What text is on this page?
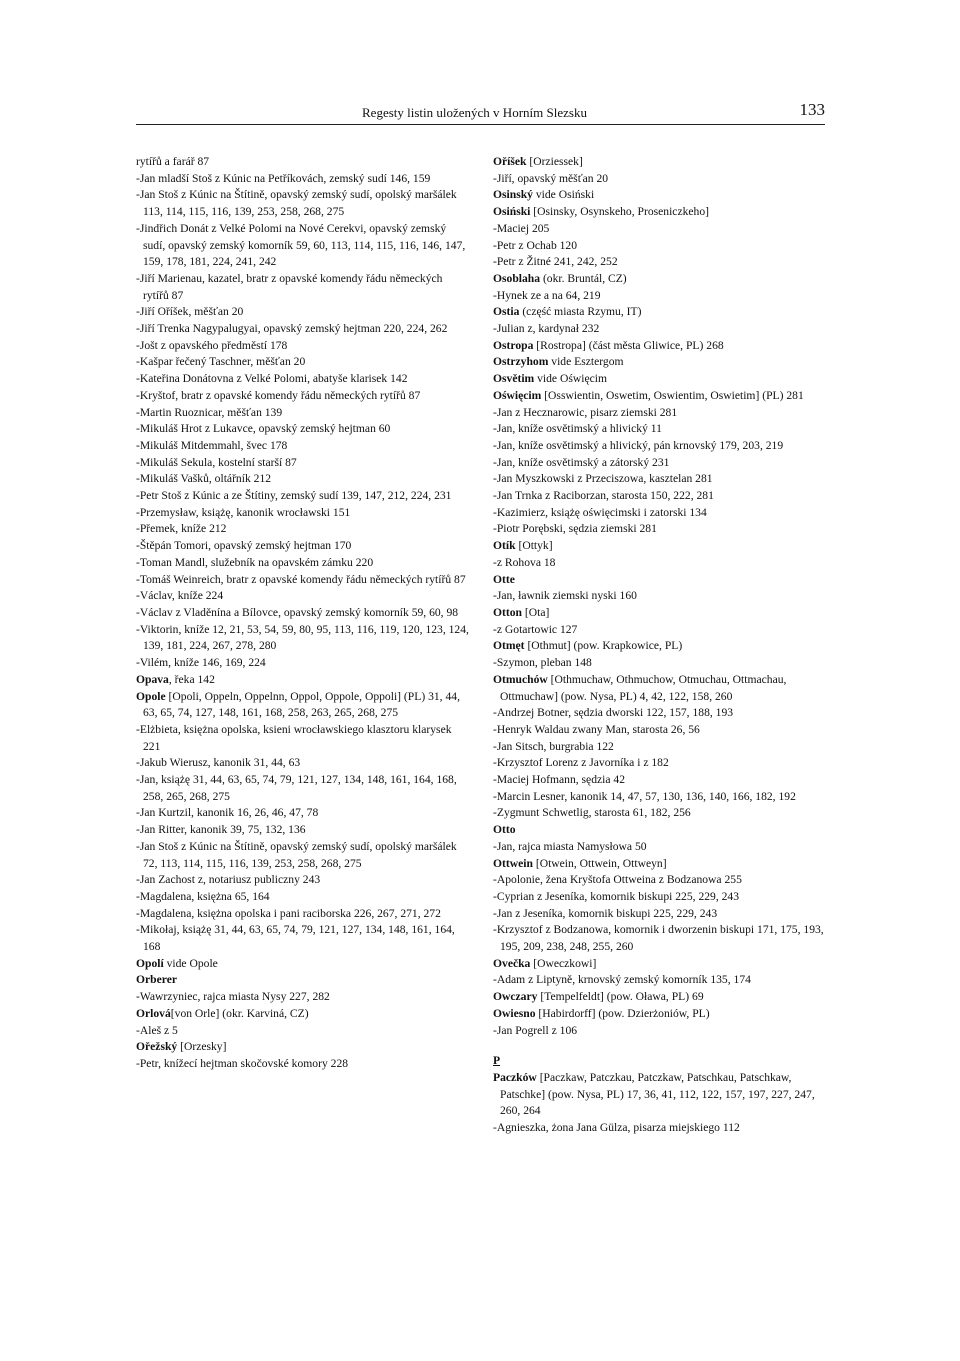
Regesty listin uložených v Horním Slezsku	133
rytířů a farář 87
-Jan mladší Stoš z Kúnic na Petříkovách, zemský sudí 146, 159
-Jan Stoš z Kúnic na Štítině, opavský zemský sudí, opolský maršálek 113, 114, 115, 116, 139, 253, 258, 268, 275
-Jindřich Donát z Velké Polomi na Nové Cerekvi, opavský zemský sudí, opavský zemský komorník 59, 60, 113, 114, 115, 116, 146, 147, 159, 178, 181, 224, 241, 242
-Jiří Marienau, kazatel, bratr z opavské komendy řádu německých rytířů 87
-Jiří Oříšek, měšťan 20
-Jiří Trenka Nagypalugyai, opavský zemský hejtman 220, 224, 262
-Jošt z opavského předměstí 178
-Kašpar řečený Taschner, měšťan 20
-Kateřina Donátovna z Velké Polomi, abatyše klarisek 142
-Kryštof, bratr z opavské komendy řádu německých rytířů 87
-Martin Ruoznicar, měšťan 139
-Mikuláš Hrot z Lukavce, opavský zemský hejtman 60
-Mikuláš Mitdemmahl, švec 178
-Mikuláš Sekula, kostelní starší 87
-Mikuláš Vašků, oltářník 212
-Petr Stoš z Kúnic a ze Štítiny, zemský sudí 139, 147, 212, 224, 231
-Przemysław, książę, kanonik wrocławski 151
-Přemek, kníže 212
-Štěpán Tomori, opavský zemský hejtman 170
-Toman Mandl, služebník na opavském zámku 220
-Tomáš Weinreich, bratr z opavské komendy řádu německých rytířů 87
-Václav, kníže 224
-Václav z Vladěnína a Bílovce, opavský zemský komorník 59, 60, 98
-Viktorin, kníže 12, 21, 53, 54, 59, 80, 95, 113, 116, 119, 120, 123, 124, 139, 181, 224, 267, 278, 280
-Vilém, kníže 146, 169, 224
Opava, řeka 142
Opole [Opoli, Oppeln, Oppelnn, Oppol, Oppole, Oppoli] (PL) 31, 44, 63, 65, 74, 127, 148, 161, 168, 258, 263, 265, 268, 275
-Elżbieta, księżna opolska, ksieni wrocławskiego klasztoru klarysek 221
-Jakub Wierusz, kanonik 31, 44, 63
-Jan, książę 31, 44, 63, 65, 74, 79, 121, 127, 134, 148, 161, 164, 168, 258, 265, 268, 275
-Jan Kurtzil, kanonik 16, 26, 46, 47, 78
-Jan Ritter, kanonik 39, 75, 132, 136
-Jan Stoš z Kúnic na Štítině, opavský zemský sudí, opolský maršálek 72, 113, 114, 115, 116, 139, 253, 258, 268, 275
-Jan Zachost z, notariusz publiczny 243
-Magdalena, księżna 65, 164
-Magdalena, księżna opolska i pani raciborska 226, 267, 271, 272
-Mikołaj, książę 31, 44, 63, 65, 74, 79, 121, 127, 134, 148, 161, 164, 168
Opolí vide Opole
Orberer
-Wawrzyniec, rajca miasta Nysy 227, 282
Orlová[von Orle] (okr. Karviná, CZ)
-Aleš z 5
Ořežský [Orzesky]
-Petr, knížecí hejtman skočovské komory 228
Oříšek [Orziessek]
-Jiří, opavský měšťan 20
Osinský vide Osiński
Osiński [Osinsky, Osynskeho, Proseniczkeho]
-Maciej 205
-Petr z Ochab 120
-Petr z Žitné 241, 242, 252
Osoblaha (okr. Bruntál, CZ)
-Hynek ze a na 64, 219
Ostia (część miasta Rzymu, IT)
-Julian z, kardynał 232
Ostropa [Rostropa] (část města Gliwice, PL) 268
Ostrzyhom vide Esztergom
Osvětim vide Oświęcim
Oświęcim [Osswientin, Oswetim, Oswientim, Oswietim] (PL) 281
-Jan z Hecznarowic, pisarz ziemski 281
-Jan, kníže osvětimský a hlivický 11
-Jan, kníže osvětimský a hlivický, pán krnovský 179, 203, 219
-Jan, kníže osvětimský a zátorský 231
-Jan Myszkowski z Przeciszowa, kasztelan 281
-Jan Trnka z Raciborzan, starosta 150, 222, 281
-Kazimierz, książę oświęcimski i zatorski 134
-Piotr Porębski, sędzia ziemski 281
Otík [Ottyk]
-z Rohova 18
Otte
-Jan, ławnik ziemski nyski 160
Otton [Ota]
-z Gotartowic 127
Otmęt [Othmut] (pow. Krapkowice, PL)
-Szymon, pleban 148
Otmuchów [Othmuchaw, Othmuchow, Otmuchau, Ottmachau, Ottmuchaw] (pow. Nysa, PL) 4, 42, 122, 158, 260
-Andrzej Botner, sędzia dworski 122, 157, 188, 193
-Henryk Waldau zwany Man, starosta 26, 56
-Jan Sitsch, burgrabia 122
-Krzysztof Lorenz z Javorníka i z 182
-Maciej Hofmann, sędzia 42
-Marcin Lesner, kanonik 14, 47, 57, 130, 136, 140, 166, 182, 192
-Zygmunt Schwetlig, starosta 61, 182, 256
Otto
-Jan, rajca miasta Namysłowa 50
Ottwein [Otwein, Ottwein, Ottweyn]
-Apolonie, žena Kryštofa Ottweina z Bodzanowa 255
-Cyprian z Jeseníka, komornik biskupi 225, 229, 243
-Jan z Jeseníka, komornik biskupi 225, 229, 243
-Krzysztof z Bodzanowa, komornik i dworzenin biskupi 171, 175, 193, 195, 209, 238, 248, 255, 260
Ovečka [Oweczkowi]
-Adam z Liptyně, krnovský zemský komorník 135, 174
Owczary [Tempelfeldt] (pow. Oława, PL) 69
Owiesno [Habirdorff] (pow. Dzierżoniów, PL)
-Jan Pogrell z 106
P
Paczków [Paczkaw, Patczkau, Patczkaw, Patschkau, Patschkaw, Patschke] (pow. Nysa, PL) 17, 36, 41, 112, 122, 157, 197, 227, 247, 260, 264
-Agnieszka, żona Jana Gülza, pisarza miejskiego 112
